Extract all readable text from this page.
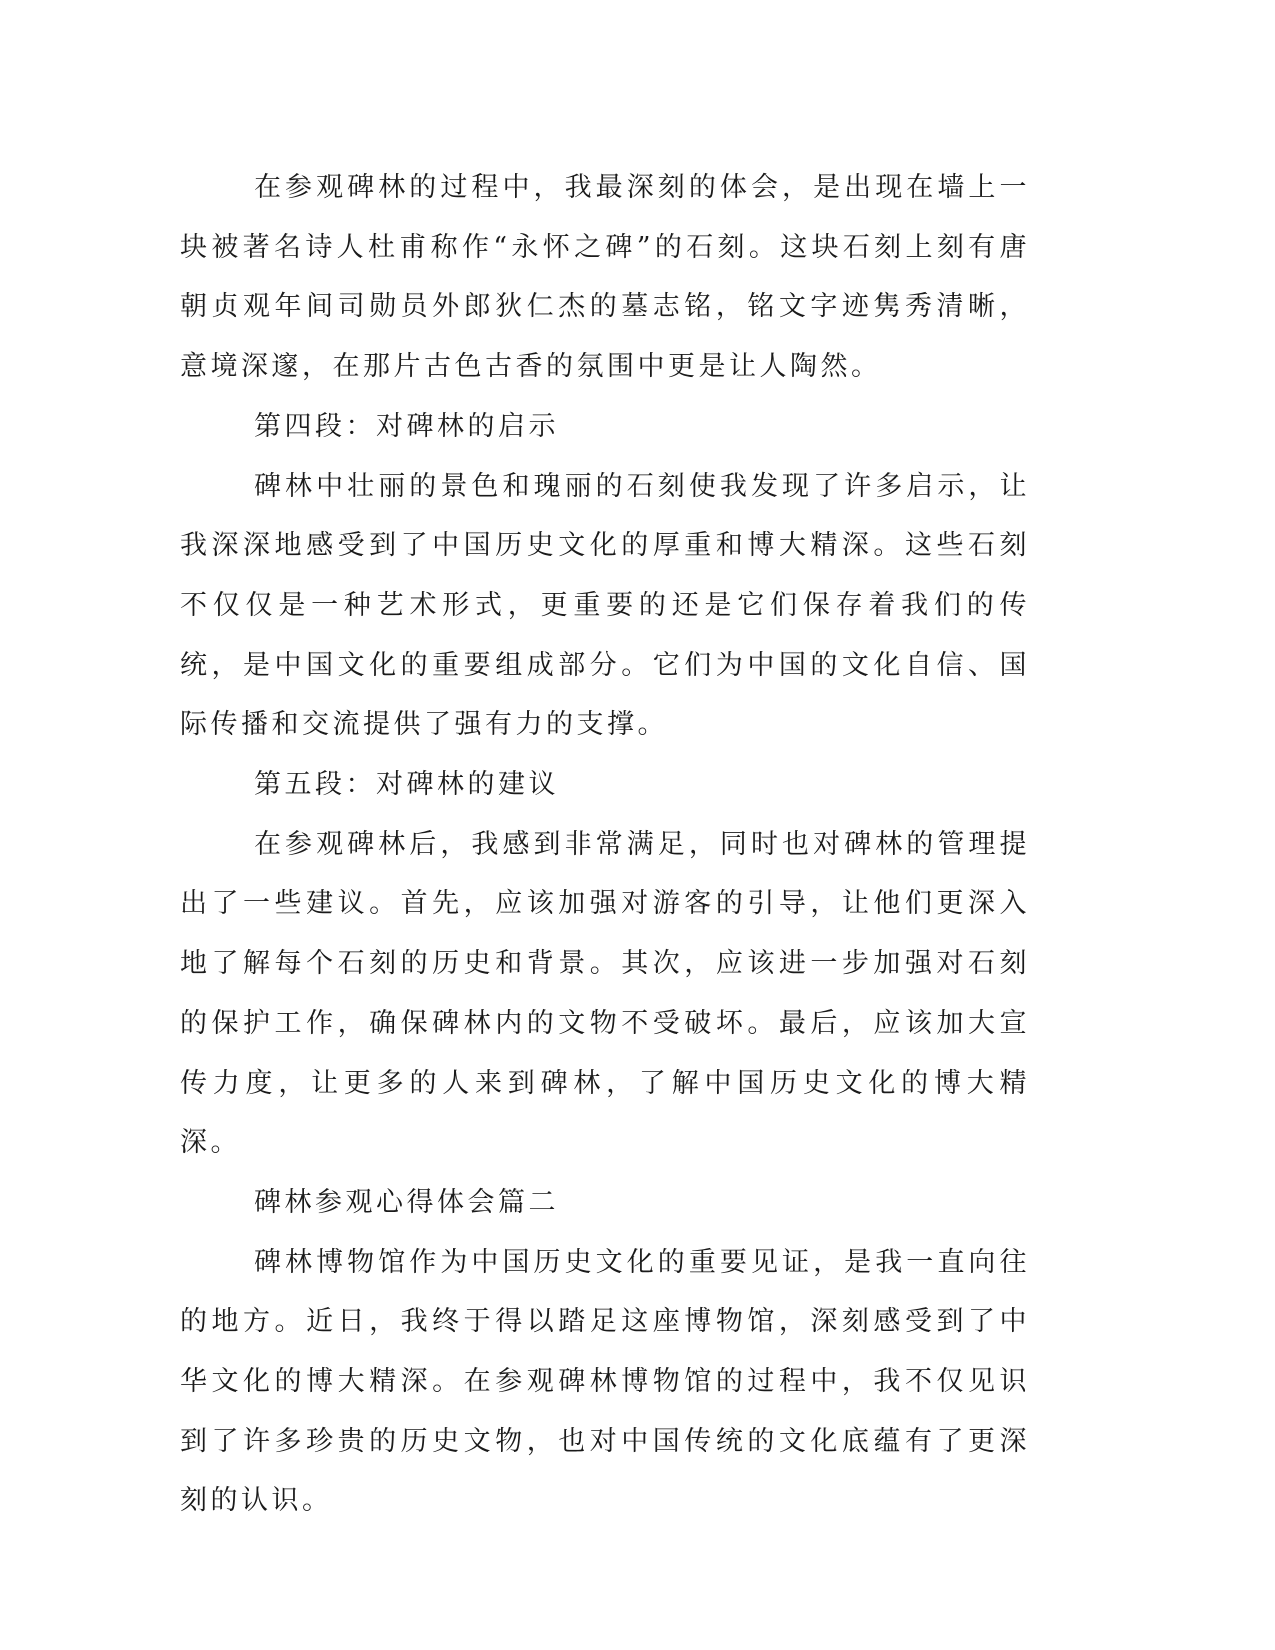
在参观碑林的过程中，我最深刻的体会，是出现在墙上一块被著名诗人杜甫称作“永怀之碑”的石刻。这块石刻上刻有唐朝贞观年间司勋员外郎狄仁杰的墓志铭，铭文字迹隽秀清晰，意境深邃，在那片古色古香的氛围中更是让人陶然。

第四段：对碑林的启示

碑林中壮丽的景色和瑰丽的石刻使我发现了许多启示，让我深深地感受到了中国历史文化的厚重和博大精深。这些石刻不仅仅是一种艺术形式，更重要的还是它们保存着我们的传统，是中国文化的重要组成部分。它们为中国的文化自信、国际传播和交流提供了强有力的支撑。

第五段：对碑林的建议

在参观碑林后，我感到非常满足，同时也对碑林的管理提出了一些建议。首先，应该加强对游客的引导，让他们更深入地了解每个石刻的历史和背景。其次，应该进一步加强对石刻的保护工作，确保碑林内的文物不受破坏。最后，应该加大宣传力度，让更多的人来到碑林，了解中国历史文化的博大精深。

碑林参观心得体会篇二

碑林博物馆作为中国历史文化的重要见证，是我一直向往的地方。近日，我终于得以踏足这座博物馆，深刻感受到了中华文化的博大精深。在参观碑林博物馆的过程中，我不仅见识到了许多珍贵的历史文物，也对中国传统的文化底蕴有了更深刻的认识。
